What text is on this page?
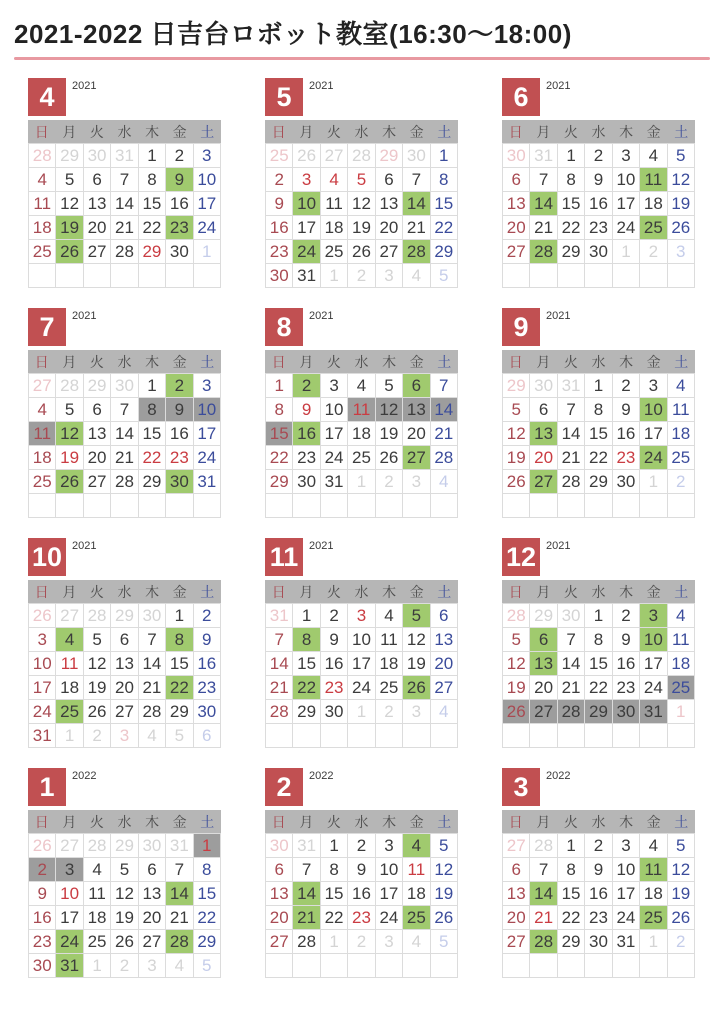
2021-2022 日吉台ロボット教室(16:30～18:00)
4	2021
日 月 火 水 木 金 土
28 29 30 31 1	2	3
4	5	6	7	8	9 10
11 12 13 14 15 16 17
18 19 20 21 22 23 24
25 26 27 28 29 30 1
5	2021
日 月 火 水 木 金 土
25 26 27 28 29 30 1
2	3	4	5	6	7	8
9 10 11 12 13 14 15
16 17 18 19 20 21 22
23 24 25 26 27 28 29
30 31 1	2	3	4	5
6	2021
日 月 火 水 木 金 土
30 31 1	2	3	4	5
6	7	8	9 10 11 12
13 14 15 16 17 18 19
20 21 22 23 24 25 26
27 28 29 30 1	2	3
7	2021
日 月 火 水 木 金 土
27 28 29 30 1	2	3
4	5	6	7	8	9 10
11 12 13 14 15 16 17
18 19 20 21 22 23 24
25 26 27 28 29 30 31
8	2021
日 月 火 水 木 金 土
1	2	3	4	5	6	7
8	9 10 11 12 13 14
15 16 17 18 19 20 21
22 23 24 25 26 27 28
29 30 31 1	2	3	4
9	2021
日 月 火 水 木 金 土
29 30 31 1	2	3	4
5	6	7	8	9 10 11
12 13 14 15 16 17 18
19 20 21 22 23 24 25
26 27 28 29 30 1	2
10 2021
日 月 火 水 木 金 土
26 27 28 29 30 1	2
3	4	5	6	7	8	9
10 11 12 13 14 15 16
17 18 19 20 21 22 23
24 25 26 27 28 29 30
31 1	2	3	4	5	6
11 2021
日 月 火 水 木 金 土
31 1	2	3	4	5	6
7	8	9 10 11 12 13
14 15 16 17 18 19 20
21 22 23 24 25 26 27
28 29 30 1	2	3	4
12 2021
日 月 火 水 木 金 土
28 29 30 1	2	3	4
5	6	7	8	9 10 11
12 13 14 15 16 17 18
19 20 21 22 23 24 25
26 27 28 29 30 31 1
1	2022
日 月 火 水 木 金 土
26 27 28 29 30 31 1
2	3	4	5	6	7	8
9 10 11 12 13 14 15
16 17 18 19 20 21 22
23 24 25 26 27 28 29
30 31 1	2	3	4	5
2	2022
日 月 火 水 木 金 土
30 31 1	2	3	4	5
6	7	8	9 10 11 12
13 14 15 16 17 18 19
20 21 22 23 24 25 26
27 28 1	2	3	4	5
3	2022
日 月 火 水 木 金 土
27 28 1	2	3	4	5
6	7	8	9 10 11 12
13 14 15 16 17 18 19
20 21 22 23 24 25 26
27 28 29 30 31 1	2
